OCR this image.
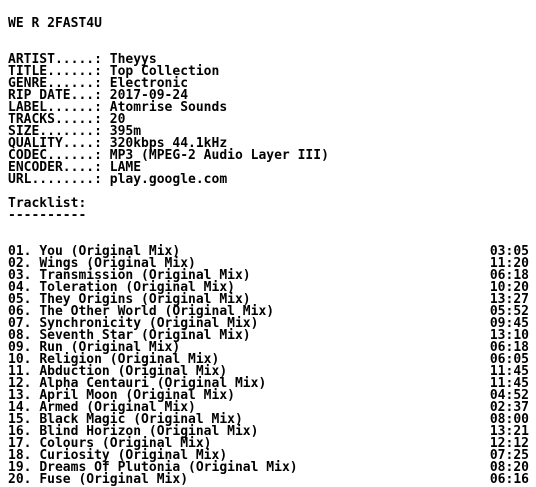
WE R 2FAST4U
ARTIST.....: Theyys
TITLE......: Top Collection
GENRE......: Electronic
RIP DATE...: 2017-09-24
LABEL......: Atomrise Sounds
TRACKS.....: 20
SIZE.......: 395m
QUALITY....: 320kbps 44.1kHz
CODEC......: MP3 (MPEG-2 Audio Layer III)
ENCODER....: LAME
URL........: play.google.com
Tracklist:
----------
01. You (Original Mix)	03:05
02. Wings (Original Mix)	11:20
03. Transmission (Original Mix)	06:18
04. Toleration (Original Mix)	10:20
05. They Origins (Original Mix)	13:27
06. The Other World (Original Mix)	05:52
07. Synchronicity (Original Mix)	09:45
08. Seventh Star (Original Mix)	13:10
09. Run (Original Mix)	06:18
10. Religion (Original Mix)	06:05
11. Abduction (Original Mix)	11:45
12. Alpha Centauri (Original Mix)	11:45
13. April Moon (Original Mix)	04:52
14. Armed (Original Mix)	02:37
15. Black Magic (Original Mix)	08:00
16. Blind Horizon (Original Mix)	13:21
17. Colours (Original Mix)	12:12
18. Curiosity (Original Mix)	07:25
19. Dreams Of Plutonia (Original Mix)	08:20
20. Fuse (Original Mix)	06:16
